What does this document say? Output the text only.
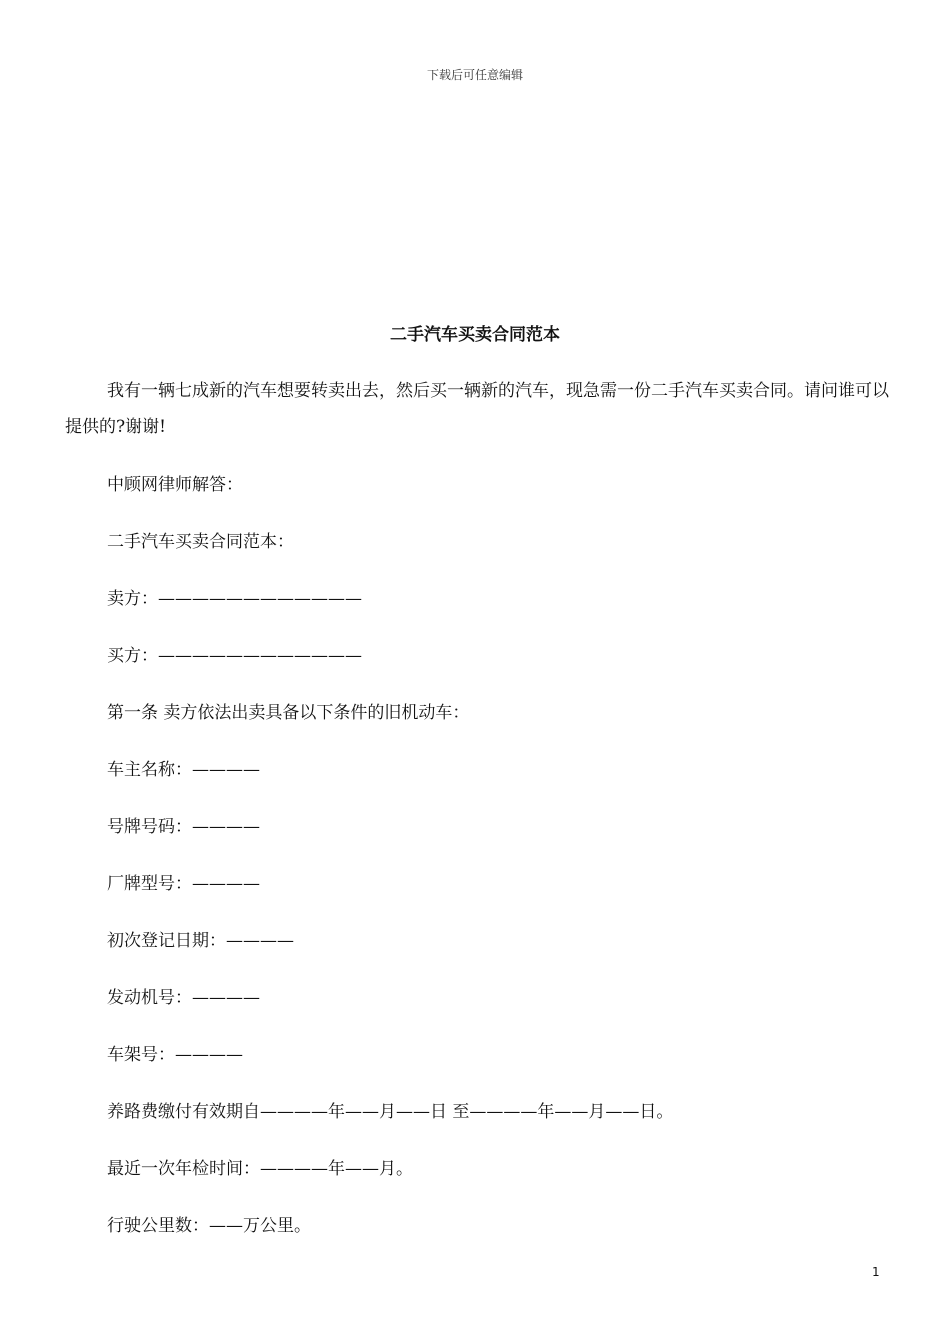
下载后可任意编辑
二手汽车买卖合同范本

我有一辆七成新的汽车想要转卖出去，然后买一辆新的汽车，现急需一份二手汽车买卖合同。请问谁可以提供的?谢谢!

中顾网律师解答：

二手汽车买卖合同范本：

卖方：————————————

买方：————————————

第一条 卖方依法出卖具备以下条件的旧机动车：

车主名称：————

号牌号码：————

厂牌型号：————

初次登记日期：————

发动机号：————

车架号：————

养路费缴付有效期自————年——月——日 至————年——月——日。

最近一次年检时间：————年——月。

行驶公里数：——万公里。

1
